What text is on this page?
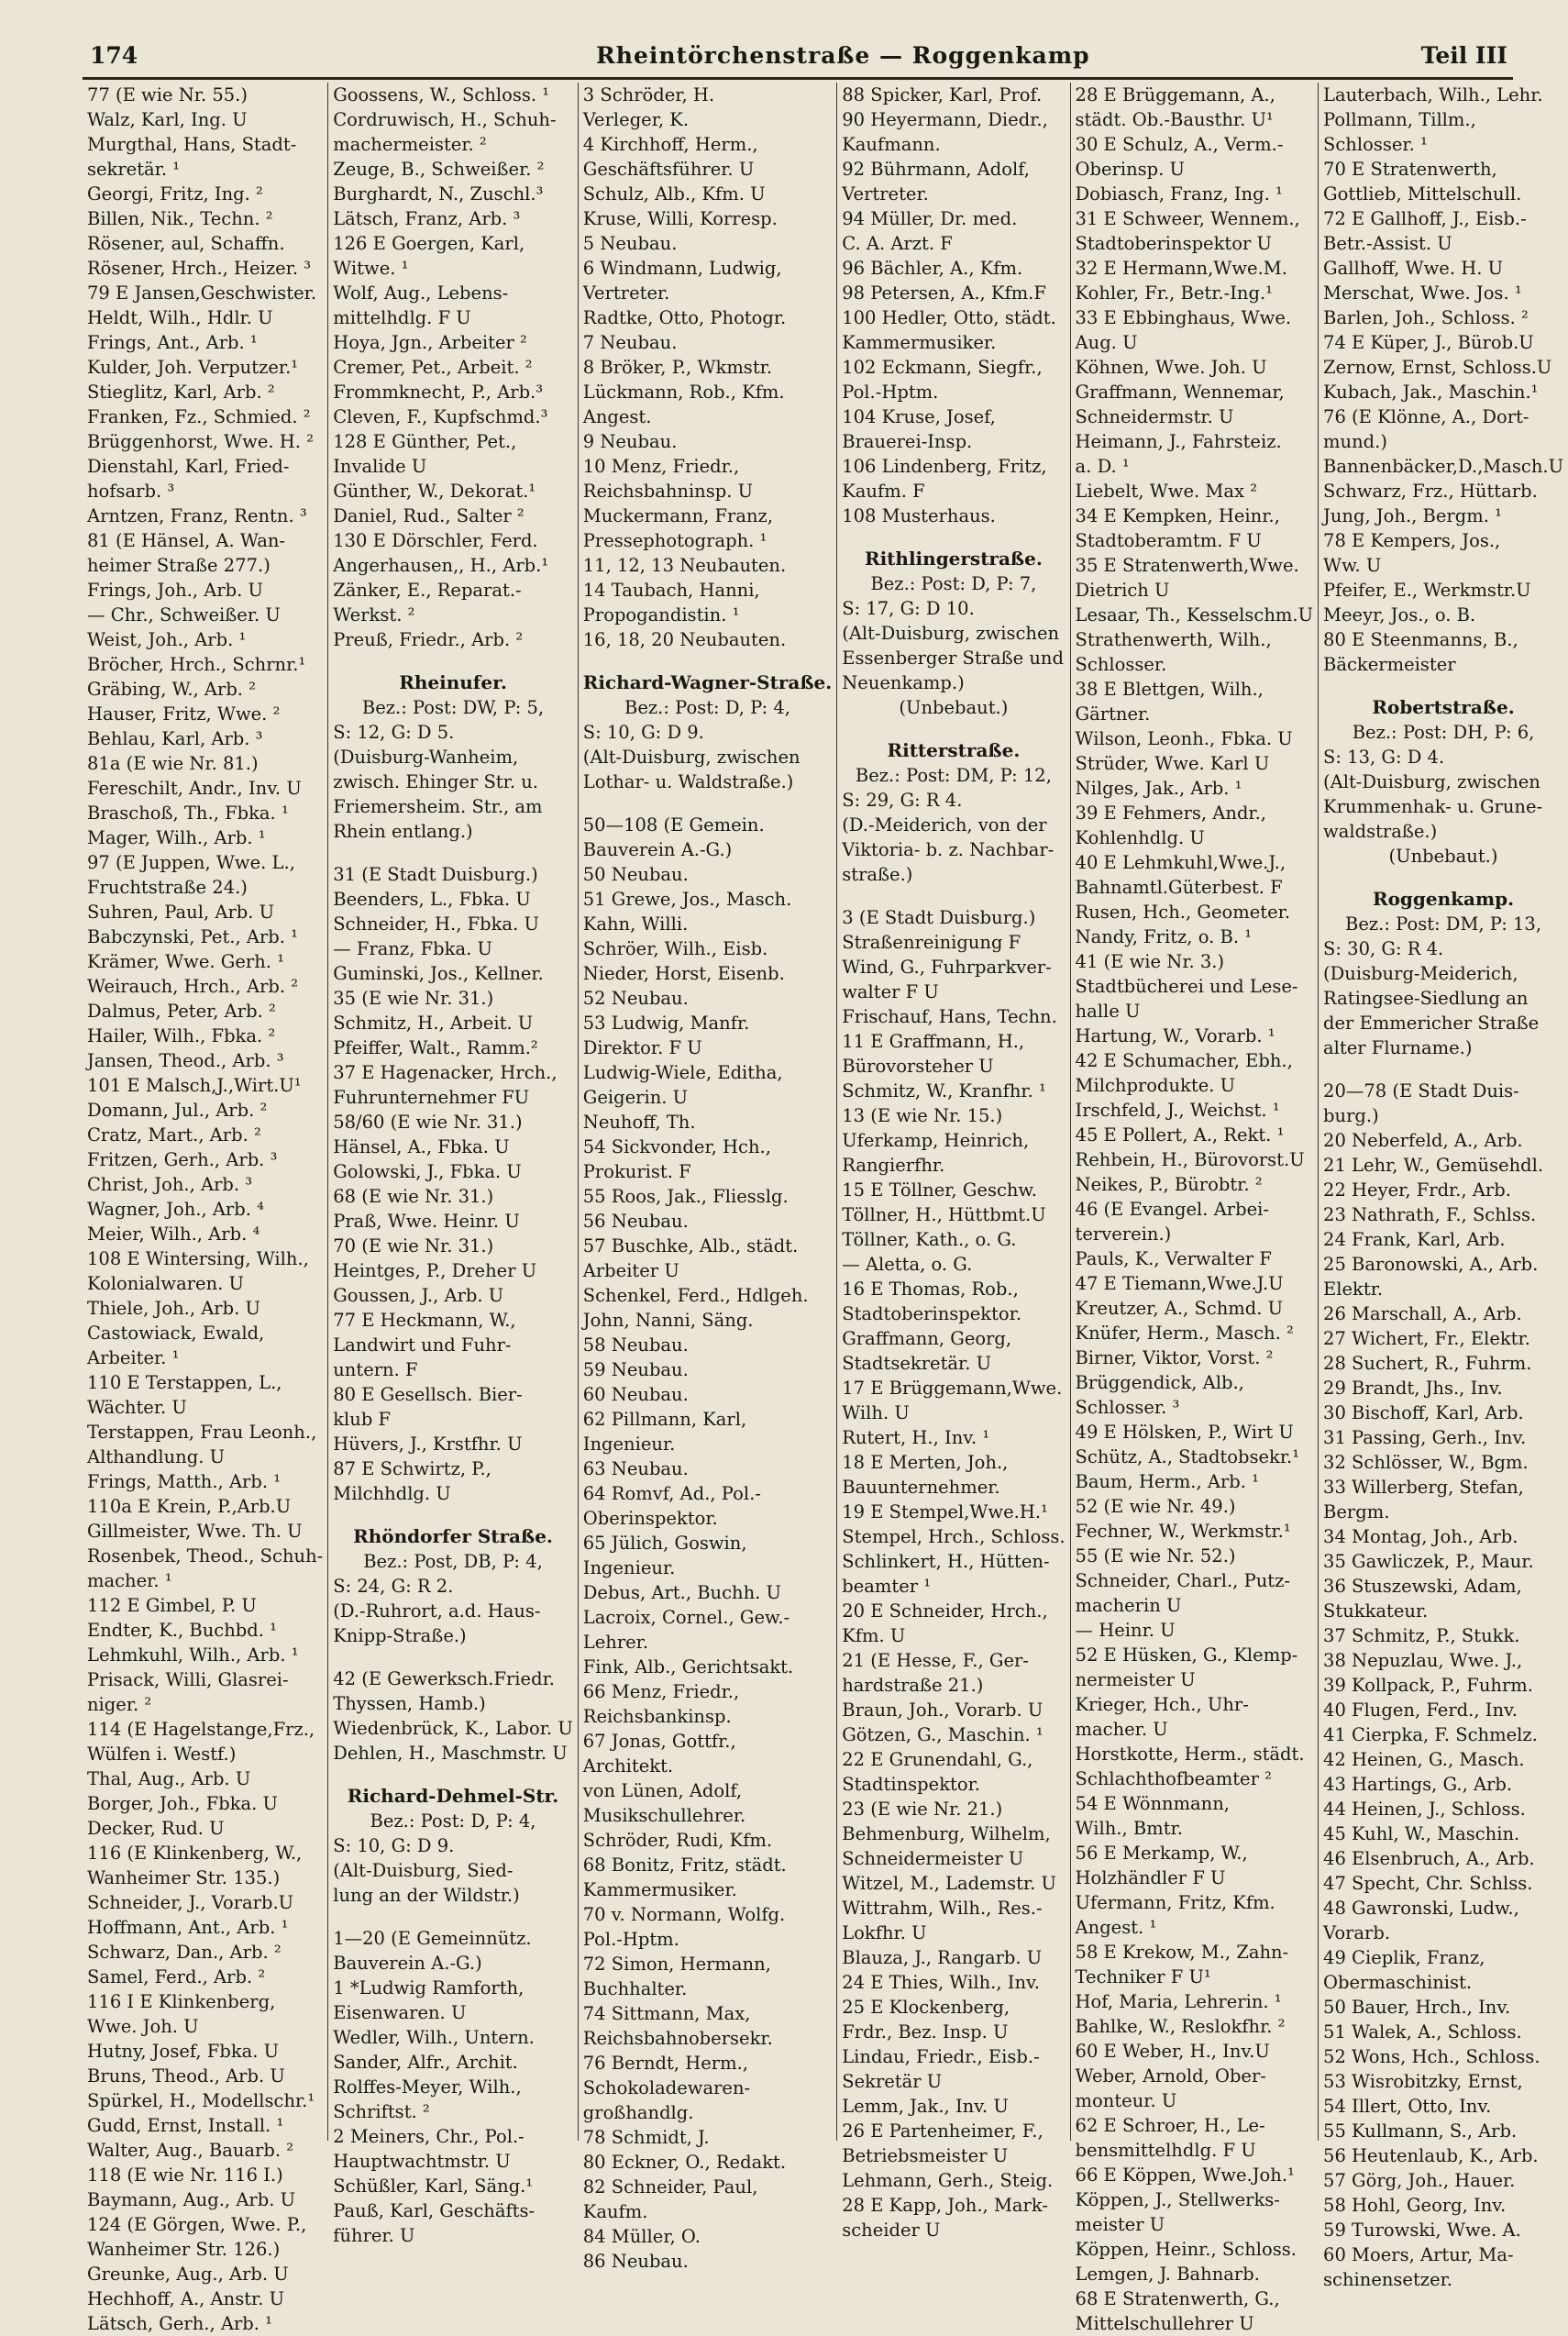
174	Rheintörchenstraße — Roggenkamp	Teil III
77 (E wie Nr. 55.)
Walz, Karl, Ing. U
Murgthal, Hans, Stadt-
sekretär. ¹
Georgi, Fritz, Ing. ²
Billen, Nik., Techn. ²
Rösener, aul, Schaffn.
Rösener, Hrch., Heizer. ³
79 E Jansen,Geschwister.
Heldt, Wilh., Hdlr. U
Frings, Ant., Arb. ¹
Kulder, Joh. Verputzer.¹
Stieglitz, Karl, Arb. ²
Franken, Fz., Schmied. ²
Brüggenhorst, Wwe. H. ²
Dienstahl, Karl, Fried-
hofsarb. ³
Arntzen, Franz, Rentn. ³
81 (E Hänsel, A. Wan-
heimer Straße 277.)
Frings, Joh., Arb. U
— Chr., Schweißer. U
Weist, Joh., Arb. ¹
Bröcher, Hrch., Schrnr.¹
Gräbing, W., Arb. ²
Hauser, Fritz, Wwe. ²
Behlau, Karl, Arb. ³
81a (E wie Nr. 81.)
Fereschilt, Andr., Inv. U
Braschoß, Th., Fbka. ¹
Mager, Wilh., Arb. ¹
97 (E Juppen, Wwe. L.,
Fruchtstraße 24.)
Suhren, Paul, Arb. U
Babczynski, Pet., Arb. ¹
Krämer, Wwe. Gerh. ¹
Weirauch, Hrch., Arb. ²
Dalmus, Peter, Arb. ²
Hailer, Wilh., Fbka. ²
Jansen, Theod., Arb. ³
101 E Malsch,J.,Wirt.U¹
Domann, Jul., Arb. ²
Cratz, Mart., Arb. ²
Fritzen, Gerh., Arb. ³
Christ, Joh., Arb. ³
Wagner, Joh., Arb. ⁴
Meier, Wilh., Arb. ⁴
108 E Wintersing, Wilh.,
Kolonialwaren. U
Thiele, Joh., Arb. U
Castowiack, Ewald,
Arbeiter. ¹
110 E Terstappen, L.,
Wächter. U
Terstappen, Frau Leonh.,
Althandlung. U
Frings, Matth., Arb. ¹
110a E Krein, P.,Arb.U
Gillmeister, Wwe. Th. U
Rosenbek, Theod., Schuh-
macher. ¹
112 E Gimbel, P. U
Endter, K., Buchbd. ¹
Lehmkuhl, Wilh., Arb. ¹
Prisack, Willi, Glasrei-
niger. ²
114 (E Hagelstange,Frz.,
Wülfen i. Westf.)
Thal, Aug., Arb. U
Borger, Joh., Fbka. U
Decker, Rud. U
116 (E Klinkenberg, W.,
Wanheimer Str. 135.)
Schneider, J., Vorarb.U
Hoffmann, Ant., Arb. ¹
Schwarz, Dan., Arb. ²
Samel, Ferd., Arb. ²
116 I E Klinkenberg,
Wwe. Joh. U
Hutny, Josef, Fbka. U
Bruns, Theod., Arb. U
Spürkel, H., Modellschr.¹
Gudd, Ernst, Install. ¹
Walter, Aug., Bauarb. ²
118 (E wie Nr. 116 I.)
Baymann, Aug., Arb. U
124 (E Görgen, Wwe. P.,
Wanheimer Str. 126.)
Greunke, Aug., Arb. U
Hechhoff, A., Anstr. U
Lätsch, Gerh., Arb. ¹
Goossens, W., Schloss. ¹
Cordruwisch, H., Schuh-
machermeister. ²
Zeuge, B., Schweißer. ²
Burghardt, N., Zuschl.³
Lätsch, Franz, Arb. ³
126 E Goergen, Karl,
Witwe. ¹
Wolf, Aug., Lebens-
mittelhdlg. F U
Hoya, Jgn., Arbeiter ²
Cremer, Pet., Arbeit. ²
Frommknecht, P., Arb.³
Cleven, F., Kupfschmd.³
128 E Günther, Pet.,
Invalide U
Günther, W., Dekorat.¹
Daniel, Rud., Salter ²
130 E Dörschler, Ferd.
Angerhausen,, H., Arb.¹
Zänker, E., Reparat.-
Werkst. ²
Preuß, Friedr., Arb. ²
Rheinufer.
Bez.: Post: DW, P: 5,
S: 12, G: D 5.
(Duisburg-Wanheim,
zwisch. Ehinger Str. u.
Friemersheim. Str., am
Rhein entlang.)
31 (E Stadt Duisburg.)
Beenders, L., Fbka. U
Schneider, H., Fbka. U
— Franz, Fbka. U
Guminski, Jos., Kellner.
35 (E wie Nr. 31.)
Schmitz, H., Arbeit. U
Pfeiffer, Walt., Ramm.²
37 E Hagenacker, Hrch.,
Fuhrunternehmer FU
58/60 (E wie Nr. 31.)
Hänsel, A., Fbka. U
Golowski, J., Fbka. U
68 (E wie Nr. 31.)
Praß, Wwe. Heinr. U
70 (E wie Nr. 31.)
Heintges, P., Dreher U
Goussen, J., Arb. U
77 E Heckmann, W.,
Landwirt und Fuhr-
untern. F
80 E Gesellsch. Bier-
klub F
Hüvers, J., Krstfhr. U
87 E Schwirtz, P.,
Milchhdlg. U
Rhöndorfer Straße.
Bez.: Post, DB, P: 4,
S: 24, G: R 2.
(D.-Ruhrort, a.d. Haus-
Knipp-Straße.)
42 (E Gewerksch.Friedr.
Thyssen, Hamb.)
Wiedenbrück, K., Labor. U
Dehlen, H., Maschmstr. U
Richard-Dehmel-Str.
Bez.: Post: D, P: 4,
S: 10, G: D 9.
(Alt-Duisburg, Sied-
lung an der Wildstr.)
1—20 (E Gemeinnütz.
Bauverein A.-G.)
1 *Ludwig Ramforth,
Eisenwaren. U
Wedler, Wilh., Untern.
Sander, Alfr., Archit.
Rolffes-Meyer, Wilh.,
Schriftst. ²
2 Meiners, Chr., Pol.-
Hauptwachtmstr. U
Schüßler, Karl, Säng.¹
Pauß, Karl, Geschäfts-
führer. U
3 Schröder, H.
Verleger, K.
4 Kirchhoff, Herm.,
Geschäftsführer. U
Schulz, Alb., Kfm. U
Kruse, Willi, Korresp.
5 Neubau.
6 Windmann, Ludwig,
Vertreter.
Radtke, Otto, Photogr.
7 Neubau.
8 Bröker, P., Wkmstr.
Lückmann, Rob., Kfm.
Angest.
9 Neubau.
10 Menz, Friedr.,
Reichsbahninsp. U
Muckermann, Franz,
Pressephotograph. ¹
11, 12, 13 Neubauten.
14 Taubach, Hanni,
Propogandistin. ¹
16, 18, 20 Neubauten.
Richard-Wagner-Straße.
Bez.: Post: D, P: 4,
S: 10, G: D 9.
(Alt-Duisburg, zwischen
Lothar- u. Waldstraße.)
50—108 (E Gemein.
Bauverein A.-G.)
50 Neubau.
51 Grewe, Jos., Masch.
Kahn, Willi.
Schröer, Wilh., Eisb.
Nieder, Horst, Eisenb.
52 Neubau.
53 Ludwig, Manfr.
Direktor. F U
Ludwig-Wiele, Editha,
Geigerin. U
Neuhoff, Th.
54 Sickvonder, Hch.,
Prokurist. F
55 Roos, Jak., Fliesslg.
56 Neubau.
57 Buschke, Alb., städt.
Arbeiter U
Schenkel, Ferd., Hdlgeh.
John, Nanni, Säng.
58 Neubau.
59 Neubau.
60 Neubau.
62 Pillmann, Karl,
Ingenieur.
63 Neubau.
64 Romvf, Ad., Pol.-
Oberinspektor.
65 Jülich, Goswin,
Ingenieur.
Debus, Art., Buchh. U
Lacroix, Cornel., Gew.-
Lehrer.
Fink, Alb., Gerichtsakt.
66 Menz, Friedr.,
Reichsbankinsp.
67 Jonas, Gottfr.,
Architekt.
von Lünen, Adolf,
Musikschullehrer.
Schröder, Rudi, Kfm.
68 Bonitz, Fritz, städt.
Kammermusiker.
70 v. Normann, Wolfg.
Pol.-Hptm.
72 Simon, Hermann,
Buchhalter.
74 Sittmann, Max,
Reichsbahnobersekr.
76 Berndt, Herm.,
Schokoladewaren-
großhandlg.
78 Schmidt, J.
80 Eckner, O., Redakt.
82 Schneider, Paul,
Kaufm.
84 Müller, O.
86 Neubau.
88 Spicker, Karl, Prof.
90 Heyermann, Diedr.,
Kaufmann.
92 Bührmann, Adolf,
Vertreter.
94 Müller, Dr. med.
C. A. Arzt. F
96 Bächler, A., Kfm.
98 Petersen, A., Kfm.F
100 Hedler, Otto, städt.
Kammermusiker.
102 Eckmann, Siegfr.,
Pol.-Hptm.
104 Kruse, Josef,
Brauerei-Insp.
106 Lindenberg, Fritz,
Kaufm. F
108 Musterhaus.
Rithlingerstraße.
Bez.: Post: D, P: 7,
S: 17, G: D 10.
(Alt-Duisburg, zwischen
Essenberger Straße und
Neuenkamp.)
(Unbebaut.)
Ritterstraße.
Bez.: Post: DM, P: 12,
S: 29, G: R 4.
(D.-Meiderich, von der
Viktoria- b. z. Nachbar-
straße.)
3 (E Stadt Duisburg.)
Straßenreinigung F
Wind, G., Fuhrparkver-
walter F U
Frischauf, Hans, Techn.
11 E Graffmann, H.,
Bürovorsteher U
Schmitz, W., Kranfhr. ¹
13 (E wie Nr. 15.)
Uferkamp, Heinrich,
Rangierfhr.
15 E Töllner, Geschw.
Töllner, H., Hüttbmt.U
Töllner, Kath., o. G.
— Aletta, o. G.
16 E Thomas, Rob.,
Stadtoberinspektor.
Graffmann, Georg,
Stadtsekretär. U
17 E Brüggemann,Wwe.
Wilh. U
Rutert, H., Inv. ¹
18 E Merten, Joh.,
Bauunternehmer.
19 E Stempel,Wwe.H.¹
Stempel, Hrch., Schloss.
Schlinkert, H., Hütten-
beamter ¹
20 E Schneider, Hrch.,
Kfm. U
21 (E Hesse, F., Ger-
hardstraße 21.)
Braun, Joh., Vorarb. U
Götzen, G., Maschin. ¹
22 E Grunendahl, G.,
Stadtinspektor.
23 (E wie Nr. 21.)
Behmenburg, Wilhelm,
Schneidermeister U
Witzel, M., Lademstr. U
Wittrahm, Wilh., Res.-
Lokfhr. U
Blauza, J., Rangarb. U
24 E Thies, Wilh., Inv.
25 E Klockenberg,
Frdr., Bez. Insp. U
Lindau, Friedr., Eisb.-
Sekretär U
Lemm, Jak., Inv. U
26 E Partenheimer, F.,
Betriebsmeister U
Lehmann, Gerh., Steig.
28 E Kapp, Joh., Mark-
scheider U
28 E Brüggemann, A.,
städt. Ob.-Bausthr. U¹
30 E Schulz, A., Verm.-
Oberinsp. U
Dobiasch, Franz, Ing. ¹
31 E Schweer, Wennem.,
Stadtoberinspektor U
32 E Hermann,Wwe.M.
Kohler, Fr., Betr.-Ing.¹
33 E Ebbinghaus, Wwe.
Aug. U
Köhnen, Wwe. Joh. U
Graffmann, Wennemar,
Schneidermstr. U
Heimann, J., Fahrsteiz.
a. D. ¹
Liebelt, Wwe. Max ²
34 E Kempken, Heinr.,
Stadtoberamtm. F U
35 E Stratenwerth,Wwe.
Dietrich U
Lesaar, Th., Kesselschm.U
Strathenwerth, Wilh.,
Schlosser.
38 E Blettgen, Wilh.,
Gärtner.
Wilson, Leonh., Fbka. U
Strüder, Wwe. Karl U
Nilges, Jak., Arb. ¹
39 E Fehmers, Andr.,
Kohlenhdlg. U
40 E Lehmkuhl,Wwe.J.,
Bahnamtl.Güterbest. F
Rusen, Hch., Geometer.
Nandy, Fritz, o. B. ¹
41 (E wie Nr. 3.)
Stadtbücherei und Lese-
halle U
Hartung, W., Vorarb. ¹
42 E Schumacher, Ebh.,
Milchprodukte. U
Irschfeld, J., Weichst. ¹
45 E Pollert, A., Rekt. ¹
Rehbein, H., Bürovorst.U
Neikes, P., Bürobtr. ²
46 (E Evangel. Arbei-
terverein.)
Pauls, K., Verwalter F
47 E Tiemann,Wwe.J.U
Kreutzer, A., Schmd. U
Knüfer, Herm., Masch. ²
Birner, Viktor, Vorst. ²
Brüggendick, Alb.,
Schlosser. ³
49 E Hölsken, P., Wirt U
Schütz, A., Stadtobsekr.¹
Baum, Herm., Arb. ¹
52 (E wie Nr. 49.)
Fechner, W., Werkmstr.¹
55 (E wie Nr. 52.)
Schneider, Charl., Putz-
macherin U
— Heinr. U
52 E Hüsken, G., Klemp-
nermeister U
Krieger, Hch., Uhr-
macher. U
Horstkotte, Herm., städt.
Schlachthofbeamter ²
54 E Wönnmann,
Wilh., Bmtr.
56 E Merkamp, W.,
Holzhändler F U
Ufermann, Fritz, Kfm.
Angest. ¹
58 E Krekow, M., Zahn-
Techniker F U¹
Hof, Maria, Lehrerin. ¹
Bahlke, W., Reslokfhr. ²
60 E Weber, H., Inv.U
Weber, Arnold, Ober-
monteur. U
62 E Schroer, H., Le-
bensmittelhdlg. F U
66 E Köppen, Wwe.Joh.¹
Köppen, J., Stellwerks-
meister U
Köppen, Heinr., Schloss.
Lemgen, J. Bahnarb.
68 E Stratenwerth, G.,
Mittelschullehrer U
Lauterbach, Wilh., Lehr.
Pollmann, Tillm.,
Schlosser. ¹
70 E Stratenwerth,
Gottlieb, Mittelschull.
72 E Gallhoff, J., Eisb.-
Betr.-Assist. U
Gallhoff, Wwe. H. U
Merschat, Wwe. Jos. ¹
Barlen, Joh., Schloss. ²
74 E Küper, J., Bürob.U
Zernow, Ernst, Schloss.U
Kubach, Jak., Maschin.¹
76 (E Klönne, A., Dort-
mund.)
Bannenbäcker,D.,Masch.U
Schwarz, Frz., Hüttarb.
Jung, Joh., Bergm. ¹
78 E Kempers, Jos.,
Ww. U
Pfeifer, E., Werkmstr.U
Meeyr, Jos., o. B.
80 E Steenmanns, B.,
Bäckermeister
Robertstraße.
Bez.: Post: DH, P: 6,
S: 13, G: D 4.
(Alt-Duisburg, zwischen
Krummenhak- u. Grune-
waldstraße.)
(Unbebaut.)
Roggenkamp.
Bez.: Post: DM, P: 13,
S: 30, G: R 4.
(Duisburg-Meiderich,
Ratingsee-Siedlung an
der Emmericher Straße
alter Flurname.)
20—78 (E Stadt Duis-
burg.)
20 Neberfeld, A., Arb.
21 Lehr, W., Gemüsehdl.
22 Heyer, Frdr., Arb.
23 Nathrath, F., Schlss.
24 Frank, Karl, Arb.
25 Baronowski, A., Arb.
Elektr.
26 Marschall, A., Arb.
27 Wichert, Fr., Elektr.
28 Suchert, R., Fuhrm.
29 Brandt, Jhs., Inv.
30 Bischoff, Karl, Arb.
31 Passing, Gerh., Inv.
32 Schlösser, W., Bgm.
33 Willerberg, Stefan,
Bergm.
34 Montag, Joh., Arb.
35 Gawliczek, P., Maur.
36 Stuszewski, Adam,
Stukkateur.
37 Schmitz, P., Stukk.
38 Nepuzlau, Wwe. J.,
39 Kollpack, P., Fuhrm.
40 Flugen, Ferd., Inv.
41 Cierpka, F. Schmelz.
42 Heinen, G., Masch.
43 Hartings, G., Arb.
44 Heinen, J., Schloss.
45 Kuhl, W., Maschin.
46 Elsenbruch, A., Arb.
47 Specht, Chr. Schlss.
48 Gawronski, Ludw.,
Vorarb.
49 Cieplik, Franz,
Obermaschinist.
50 Bauer, Hrch., Inv.
51 Walek, A., Schloss.
52 Wons, Hch., Schloss.
53 Wisrobitzky, Ernst,
54 Illert, Otto, Inv.
55 Kullmann, S., Arb.
56 Heutenlaub, K., Arb.
57 Görg, Joh., Hauer.
58 Hohl, Georg, Inv.
59 Turowski, Wwe. A.
60 Moers, Artur, Ma-
schinensetzer.
